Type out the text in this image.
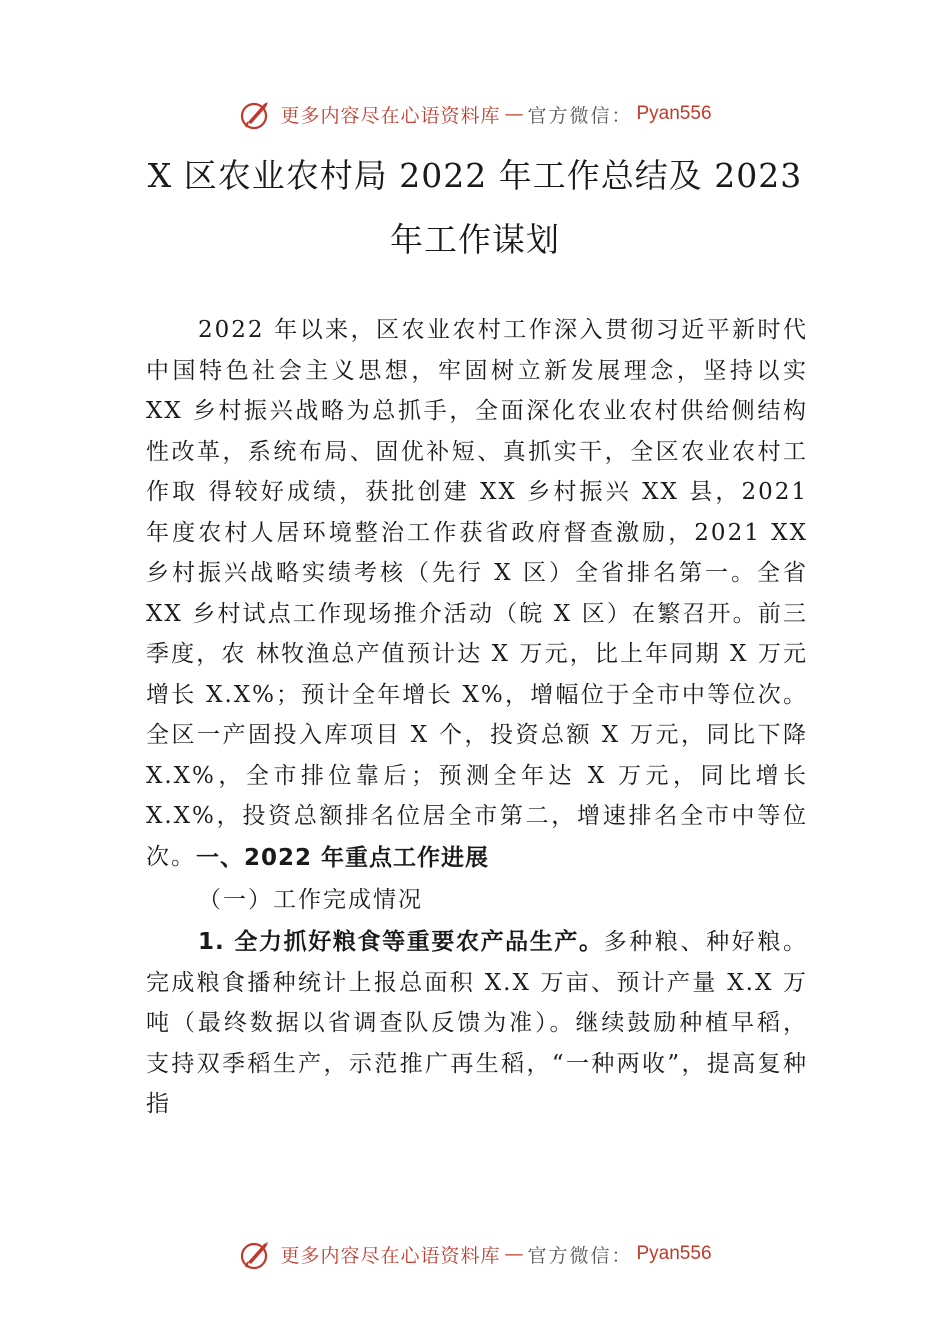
更多内容尽在心语资料库 — 官方微信： Pyan556
X 区农业农村局 2022 年工作总结及 2023
年工作谋划

2022 年以来，区农业农村工作深入贯彻习近平新时代中国特色社会主义思想，牢固树立新发展理念，坚持以实 XX 乡村振兴战略为总抓手，全面深化农业农村供给侧结构性改革，系统布局、固优补短、真抓实干，全区农业农村工作取 得较好成绩，获批创建 XX 乡村振兴 XX 县，2021 年度农村人居环境整治工作获省政府督查激励，2021 XX 乡村振兴战略实绩考核（先行 X 区）全省排名第一。全省 XX 乡村试点工作现场推介活动（皖 X 区）在繁召开。前三季度，农 林牧渔总产值预计达 X 万元，比上年同期 X 万元增长 X.X%；预计全年增长 X%，增幅位于全市中等位次。全区一产固投入库项目 X 个，投资总额 X 万元，同比下降 X.X%，全市排位靠后；预测全年达 X 万元，同比增长 X.X%，投资总额排名位居全市第二，增速排名全市中等位次。 一、2022 年重点工作进展
（一）工作完成情况

1. 全力抓好粮食等重要农产品生产。多种粮、种好粮。完成粮食播种统计上报总面积 X.X 万亩、预计产量 X.X 万吨（最终数据以省调查队反馈为准）。继续鼓励种植早稻，支持双季稻生产，示范推广再生稻，“一种两收”，提高复种指

更多内容尽在心语资料库 — 官方微信： Pyan556
